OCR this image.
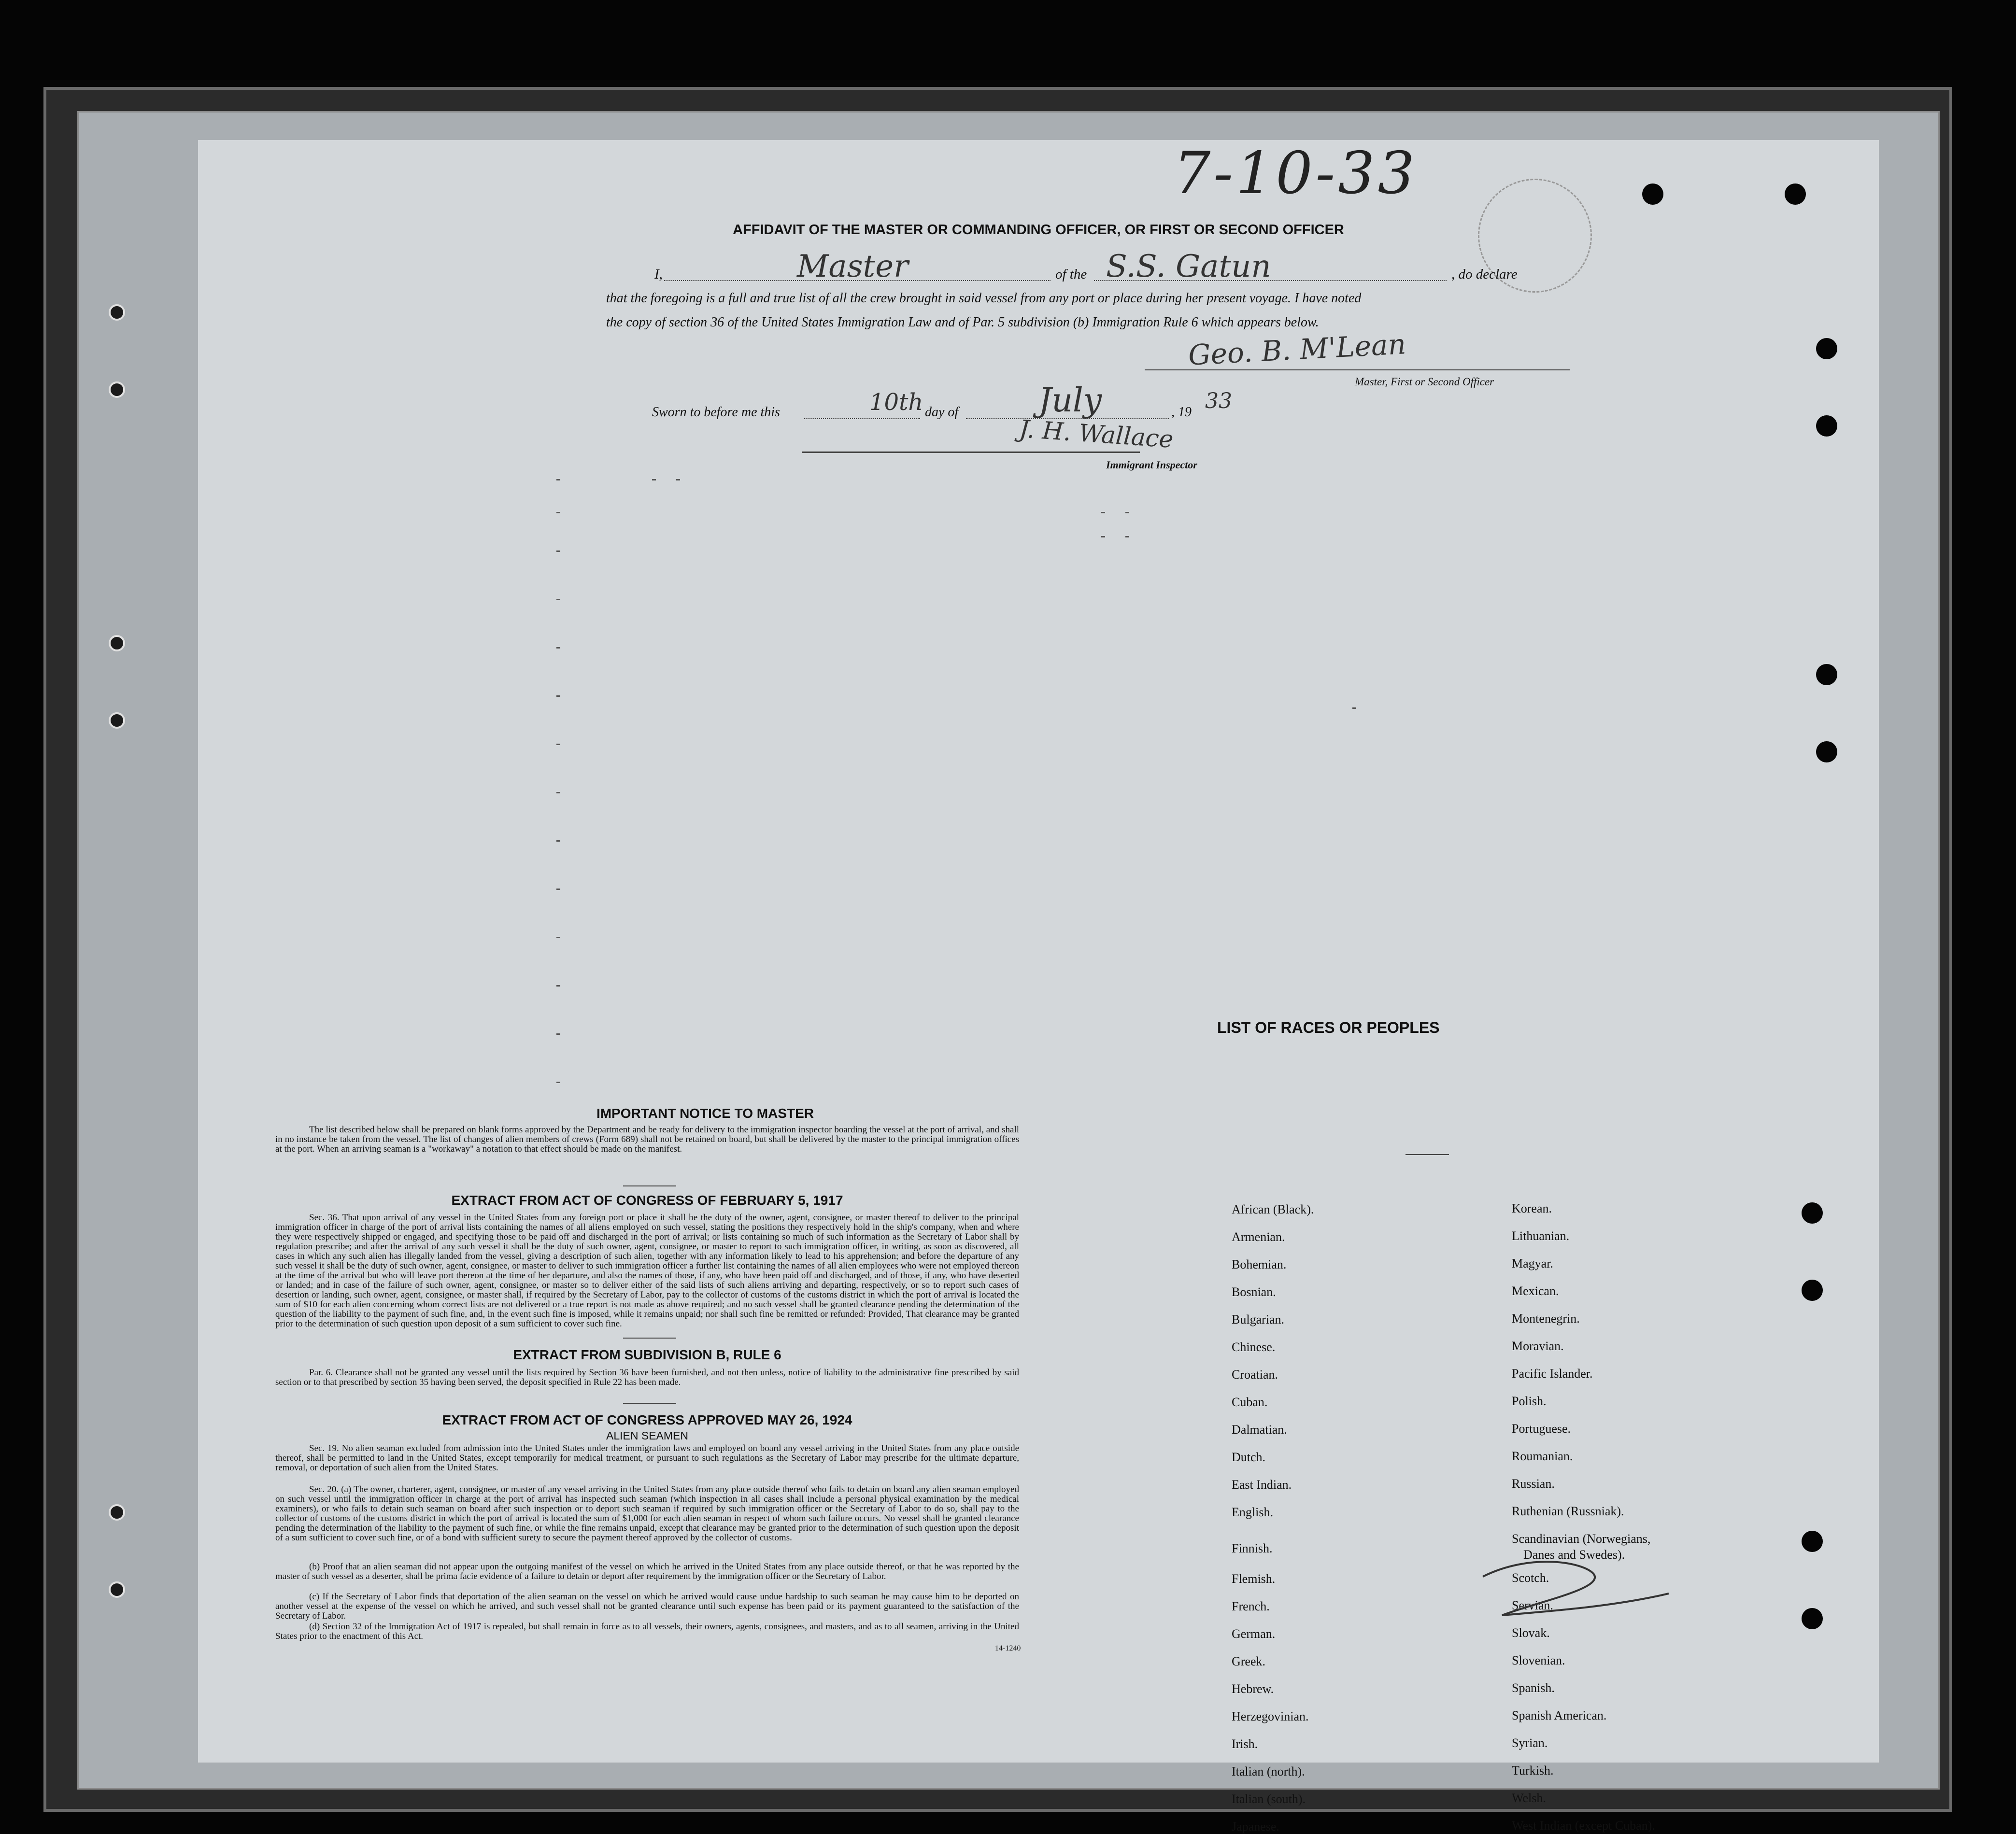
7-10-33
AFFIDAVIT OF THE MASTER OR COMMANDING OFFICER, OR FIRST OR SECOND OFFICER
I,	Master	of the S.S. Gatun	, do declare
that the foregoing is a full and true list of all the crew brought in said vessel from any port or place during her present voyage. I have noted
the copy of section 36 of the United States Immigration Law and of Par. 5 subdivision (b) Immigration Rule 6 which appears below.
Geo. B. M'Lean
Master, First or Second Officer
Sworn to before me this	10th day of July	, 19 33
J. H. Wallace
Immigrant Inspector
IMPORTANT NOTICE TO MASTER
The list described below shall be prepared on blank forms approved by the Department and be ready for delivery to the immigration inspector boarding the vessel at the port of arrival, and shall in no instance be taken from the vessel. The list of changes of alien members of crews (Form 689) shall not be retained on board, but shall be delivered by the master to the principal immigration offices at the port. When an arriving seaman is a "workaway" a notation to that effect should be made on the manifest.
EXTRACT FROM ACT OF CONGRESS OF FEBRUARY 5, 1917
Sec. 36. That upon arrival of any vessel in the United States from any foreign port or place it shall be the duty of the owner, agent, consignee, or master thereof to deliver to the principal immigration officer in charge of the port of arrival lists containing the names of all aliens employed on such vessel, stating the positions they respectively hold in the ship's company, when and where they were respectively shipped or engaged, and specifying those to be paid off and discharged in the port of arrival; or lists containing so much of such information as the Secretary of Labor shall by regulation prescribe; and after the arrival of any such vessel it shall be the duty of such owner, agent, consignee, or master to report to such immigration officer, in writing, as soon as discovered, all cases in which any such alien has illegally landed from the vessel, giving a description of such alien, together with any information likely to lead to his apprehension; and before the departure of any such vessel it shall be the duty of such owner, agent, consignee, or master to deliver to such immigration officer a further list containing the names of all alien employees who were not employed thereon at the time of the arrival but who will leave port thereon at the time of her departure, and also the names of those, if any, who have been paid off and discharged, and of those, if any, who have deserted or landed; and in case of the failure of such owner, agent, consignee, or master so to deliver either of the said lists of such aliens arriving and departing, respectively, or so to report such cases of desertion or landing, such owner, agent, consignee, or master shall, if required by the Secretary of Labor, pay to the collector of customs of the customs district in which the port of arrival is located the sum of $10 for each alien concerning whom correct lists are not delivered or a true report is not made as above required; and no such vessel shall be granted clearance pending the determination of the question of the liability to the payment of such fine, and, in the event such fine is imposed, while it remains unpaid; nor shall such fine be remitted or refunded: Provided, That clearance may be granted prior to the determination of such question upon deposit of a sum sufficient to cover such fine.
EXTRACT FROM SUBDIVISION B, RULE 6
Par. 6. Clearance shall not be granted any vessel until the lists required by Section 36 have been furnished, and not then unless, notice of liability to the administrative fine prescribed by said section or to that prescribed by section 35 having been served, the deposit specified in Rule 22 has been made.
EXTRACT FROM ACT OF CONGRESS APPROVED MAY 26, 1924
ALIEN SEAMEN
Sec. 19. No alien seaman excluded from admission into the United States under the immigration laws and employed on board any vessel arriving in the United States from any place outside thereof, shall be permitted to land in the United States, except temporarily for medical treatment, or pursuant to such regulations as the Secretary of Labor may prescribe for the ultimate departure, removal, or deportation of such alien from the United States.
Sec. 20. (a) The owner, charterer, agent, consignee, or master of any vessel arriving in the United States from any place outside thereof who fails to detain on board any alien seaman employed on such vessel until the immigration officer in charge at the port of arrival has inspected such seaman (which inspection in all cases shall include a personal physical examination by the medical examiners), or who fails to detain such seaman on board after such inspection or to deport such seaman if required by such immigration officer or the Secretary of Labor to do so, shall pay to the collector of customs of the customs district in which the port of arrival is located the sum of $1,000 for each alien seaman in respect of whom such failure occurs. No vessel shall be granted clearance pending the determination of the liability to the payment of such fine, or while the fine remains unpaid, except that clearance may be granted prior to the determination of such question upon the deposit of a sum sufficient to cover such fine, or of a bond with sufficient surety to secure the payment thereof approved by the collector of customs.
(b) Proof that an alien seaman did not appear upon the outgoing manifest of the vessel on which he arrived in the United States from any place outside thereof, or that he was reported by the master of such vessel as a deserter, shall be prima facie evidence of a failure to detain or deport after requirement by the immigration officer or the Secretary of Labor.
(c) If the Secretary of Labor finds that deportation of the alien seaman on the vessel on which he arrived would cause undue hardship to such seaman he may cause him to be deported on another vessel at the expense of the vessel on which he arrived, and such vessel shall not be granted clearance until such expense has been paid or its payment guaranteed to the satisfaction of the Secretary of Labor.
(d) Section 32 of the Immigration Act of 1917 is repealed, but shall remain in force as to all vessels, their owners, agents, consignees, and masters, and as to all seamen, arriving in the United States prior to the enactment of this Act.
14-1240
LIST OF RACES OR PEOPLES
African (Black).
Armenian.
Bohemian.
Bosnian.
Bulgarian.
Chinese.
Croatian.
Cuban.
Dalmatian.
Dutch.
East Indian.
English.
Finnish.
Flemish.
French.
German.
Greek.
Hebrew.
Herzegovinian.
Irish.
Italian (north).
Italian (south).
Japanese.
Korean.
Lithuanian.
Magyar.
Mexican.
Montenegrin.
Moravian.
Pacific Islander.
Polish.
Portuguese.
Roumanian.
Russian.
Ruthenian (Russniak).
Scandinavian (Norwegians,
Danes and Swedes).
Scotch.
Servian.
Slovak.
Slovenian.
Spanish.
Spanish American.
Syrian.
Turkish.
Welsh.
West Indian (except Cuban).
